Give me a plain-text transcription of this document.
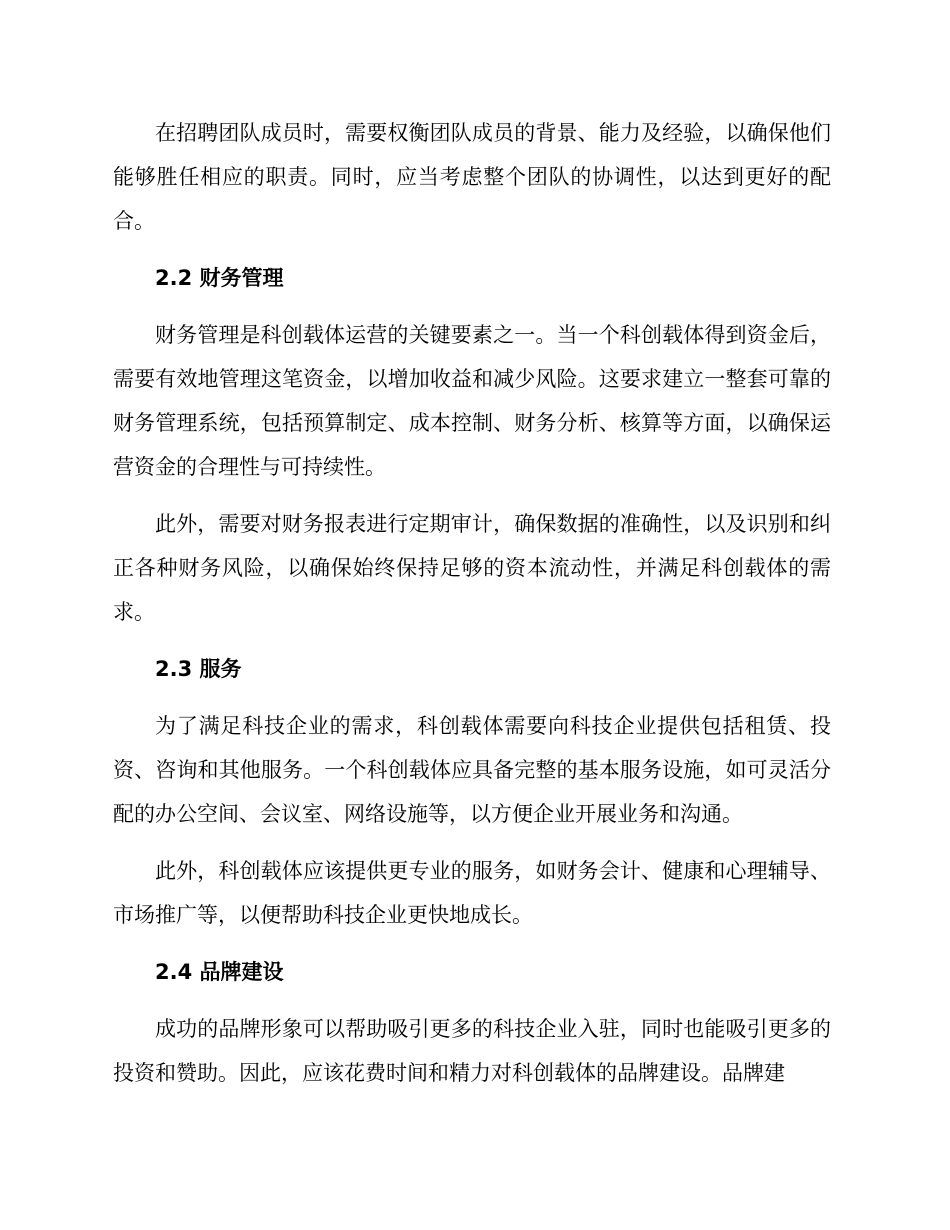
在招聘团队成员时，需要权衡团队成员的背景、能力及经验，以确保他们能够胜任相应的职责。同时，应当考虑整个团队的协调性，以达到更好的配合。

2.2 财务管理

财务管理是科创载体运营的关键要素之一。当一个科创载体得到资金后，需要有效地管理这笔资金，以增加收益和减少风险。这要求建立一整套可靠的财务管理系统，包括预算制定、成本控制、财务分析、核算等方面，以确保运营资金的合理性与可持续性。

此外，需要对财务报表进行定期审计，确保数据的准确性，以及识别和纠正各种财务风险，以确保始终保持足够的资本流动性，并满足科创载体的需求。

2.3 服务

为了满足科技企业的需求，科创载体需要向科技企业提供包括租赁、投资、咨询和其他服务。一个科创载体应具备完整的基本服务设施，如可灵活分配的办公空间、会议室、网络设施等，以方便企业开展业务和沟通。

此外，科创载体应该提供更专业的服务，如财务会计、健康和心理辅导、市场推广等，以便帮助科技企业更快地成长。

2.4 品牌建设

成功的品牌形象可以帮助吸引更多的科技企业入驻，同时也能吸引更多的投资和赞助。因此，应该花费时间和精力对科创载体的品牌建设。品牌建
